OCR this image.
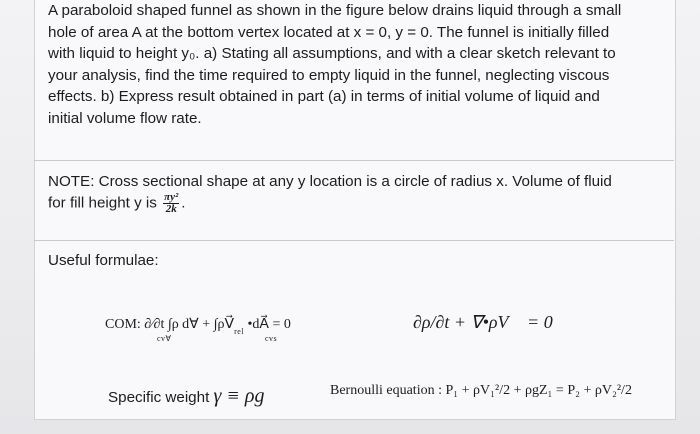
A paraboloid shaped funnel as shown in the figure below drains liquid through a small
hole of area A at the bottom vertex located at x = 0, y = 0. The funnel is initially filled
with liquid to height y₀. a) Stating all assumptions, and with a clear sketch relevant to
your analysis, find the time required to empty liquid in the funnel, neglecting viscous
effects. b) Express result obtained in part (a) in terms of initial volume of liquid and
initial volume flow rate.
NOTE: Cross sectional shape at any y location is a circle of radius x. Volume of fluid
for fill height y is $\frac{\text{πy²}}{2k}$ .
Useful formulae:
COM: ∂∕∂t ∫ρ d∀ + $\int\rho V⃗_{rel}$ •dA⃗ = 0
cv∀	cvs
∂ρ/∂t + ∇•ρV⃗ = 0
Specific weight γ ≡ ρg	Bernoulli equation : P₁ + ρV₁²/2 + ρgZ₁ = P₂ + ρV₂²/2
